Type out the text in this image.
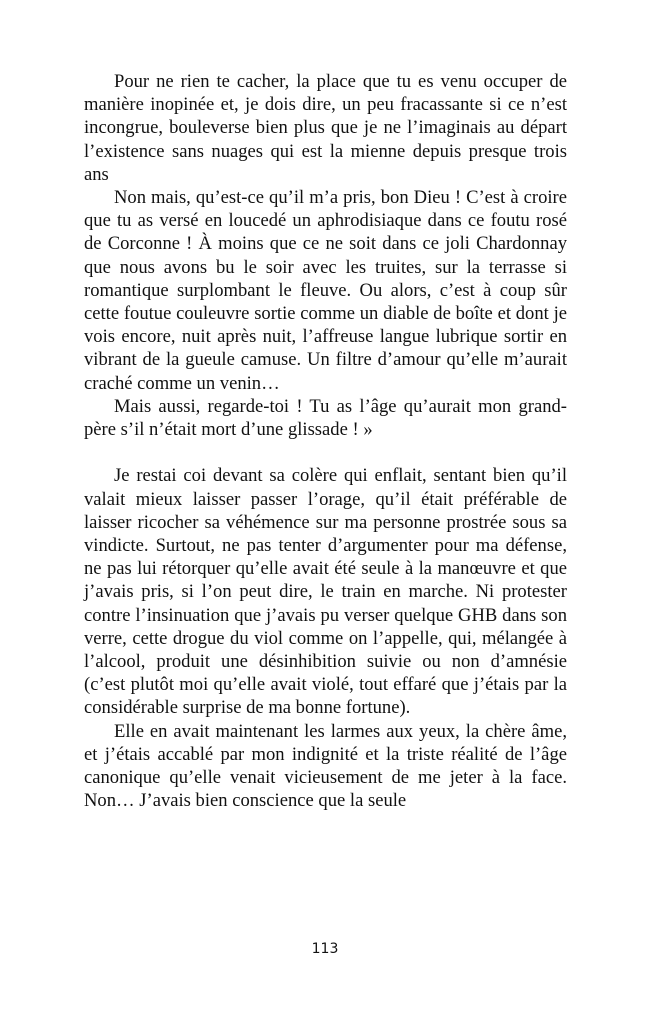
Pour ne rien te cacher, la place que tu es venu occuper de manière inopinée et, je dois dire, un peu fracassante si ce n’est incongrue, bouleverse bien plus que je ne l’imaginais au départ l’existence sans nuages qui est la mienne depuis presque trois ans

Non mais, qu’est-ce qu’il m’a pris, bon Dieu ! C’est à croire que tu as versé en loucedé un aphrodisiaque dans ce foutu rosé de Corconne ! À moins que ce ne soit dans ce joli Chardonnay que nous avons bu le soir avec les truites, sur la terrasse si romantique surplombant le fleuve. Ou alors, c’est à coup sûr cette foutue couleuvre sortie comme un diable de boîte et dont je vois encore, nuit après nuit, l’affreuse langue lubrique sortir en vibrant de la gueule camuse. Un filtre d’amour qu’elle m’aurait craché comme un venin…

Mais aussi, regarde-toi ! Tu as l’âge qu’aurait mon grand-père s’il n’était mort d’une glissade ! »

Je restai coi devant sa colère qui enflait, sentant bien qu’il valait mieux laisser passer l’orage, qu’il était préférable de laisser ricocher sa véhémence sur ma personne prostrée sous sa vindicte. Surtout, ne pas tenter d’argumenter pour ma défense, ne pas lui rétorquer qu’elle avait été seule à la manœuvre et que j’avais pris, si l’on peut dire, le train en marche. Ni protester contre l’insinuation que j’avais pu verser quelque GHB dans son verre, cette drogue du viol comme on l’appelle, qui, mélangée à l’alcool, produit une désinhibition suivie ou non d’amnésie (c’est plutôt moi qu’elle avait violé, tout effaré que j’étais par la considérable surprise de ma bonne fortune).

Elle en avait maintenant les larmes aux yeux, la chère âme, et j’étais accablé par mon indignité et la triste réalité de l’âge canonique qu’elle venait vicieusement de me jeter à la face. Non… J’avais bien conscience que la seule

113
